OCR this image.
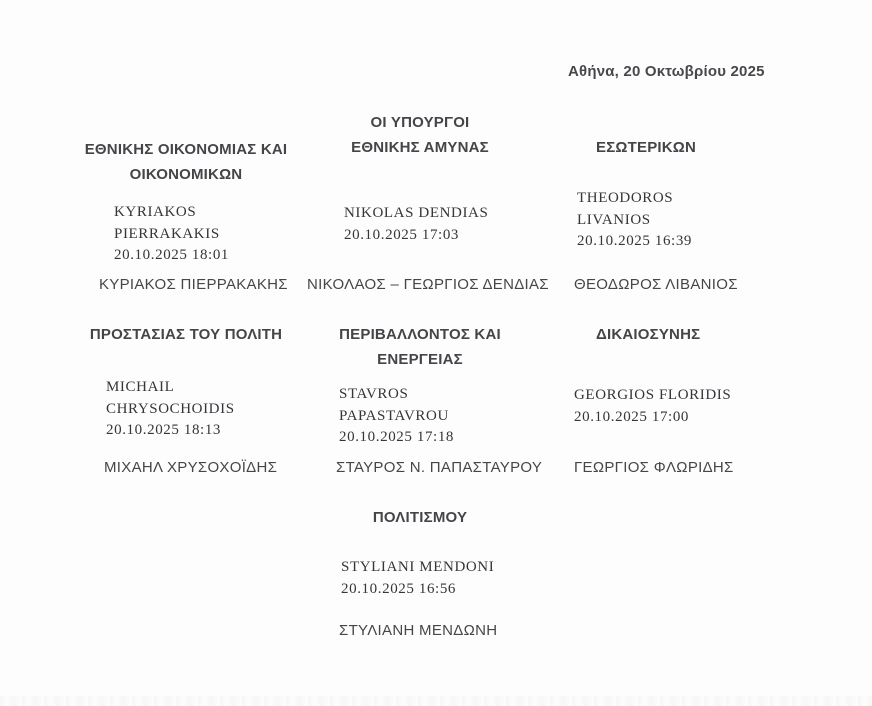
Αθήνα, 20 Οκτωβρίου 2025
ΟΙ ΥΠΟΥΡΓΟΙ
ΕΘΝΙΚΗΣ ΟΙΚΟΝΟΜΙΑΣ ΚΑΙ
ΟΙΚΟΝΟΜΙΚΩΝ
KYRIAKOS
PIERRAKAKIS
20.10.2025 18:01
ΚΥΡΙΑΚΟΣ ΠΙΕΡΡΑΚΑΚΗΣ
ΕΘΝΙΚΗΣ ΑΜΥΝΑΣ
NIKOLAS DENDIAS
20.10.2025 17:03
ΝΙΚΟΛΑΟΣ – ΓΕΩΡΓΙΟΣ ΔΕΝΔΙΑΣ
ΕΣΩΤΕΡΙΚΩΝ
THEODOROS
LIVANIOS
20.10.2025 16:39
ΘΕΟΔΩΡΟΣ ΛΙΒΑΝΙΟΣ
ΠΡΟΣΤΑΣΙΑΣ ΤΟΥ ΠΟΛΙΤΗ
MICHAIL
CHRYSOCHOIDIS
20.10.2025 18:13
ΜΙΧΑΗΛ ΧΡΥΣΟΧΟΪΔΗΣ
ΠΕΡΙΒΑΛΛΟΝΤΟΣ ΚΑΙ
ΕΝΕΡΓΕΙΑΣ
STAVROS
PAPASTAVROU
20.10.2025 17:18
ΣΤΑΥΡΟΣ Ν. ΠΑΠΑΣΤΑΥΡΟΥ
ΔΙΚΑΙΟΣΥΝΗΣ
GEORGIOS FLORIDIS
20.10.2025 17:00
ΓΕΩΡΓΙΟΣ ΦΛΩΡΙΔΗΣ
ΠΟΛΙΤΙΣΜΟΥ
STYLIANI MENDONI
20.10.2025 16:56
ΣΤΥΛΙΑΝΗ ΜΕΝΔΩΝΗ
